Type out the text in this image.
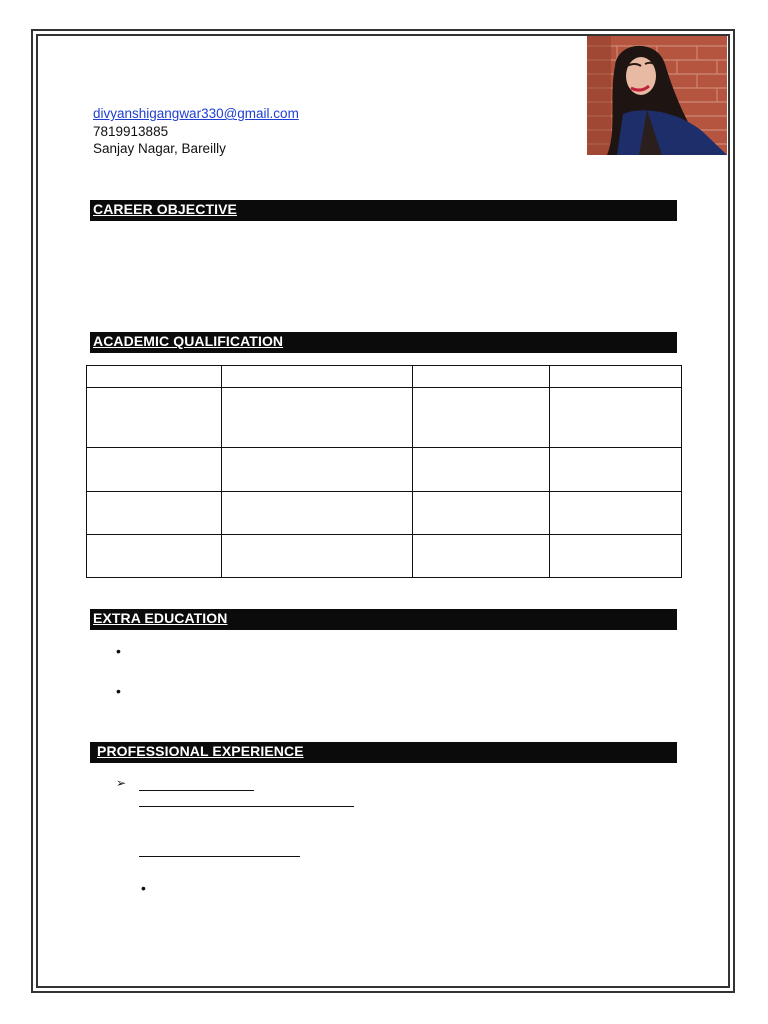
divyanshigangwar330@gmail.com
7819913885
Sanjay Nagar, Bareilly
CAREER OBJECTIVE
ACADEMIC QUALIFICATION

EXTRA EDUCATION
•
•
PROFESSIONAL EXPERIENCE
➢
•
